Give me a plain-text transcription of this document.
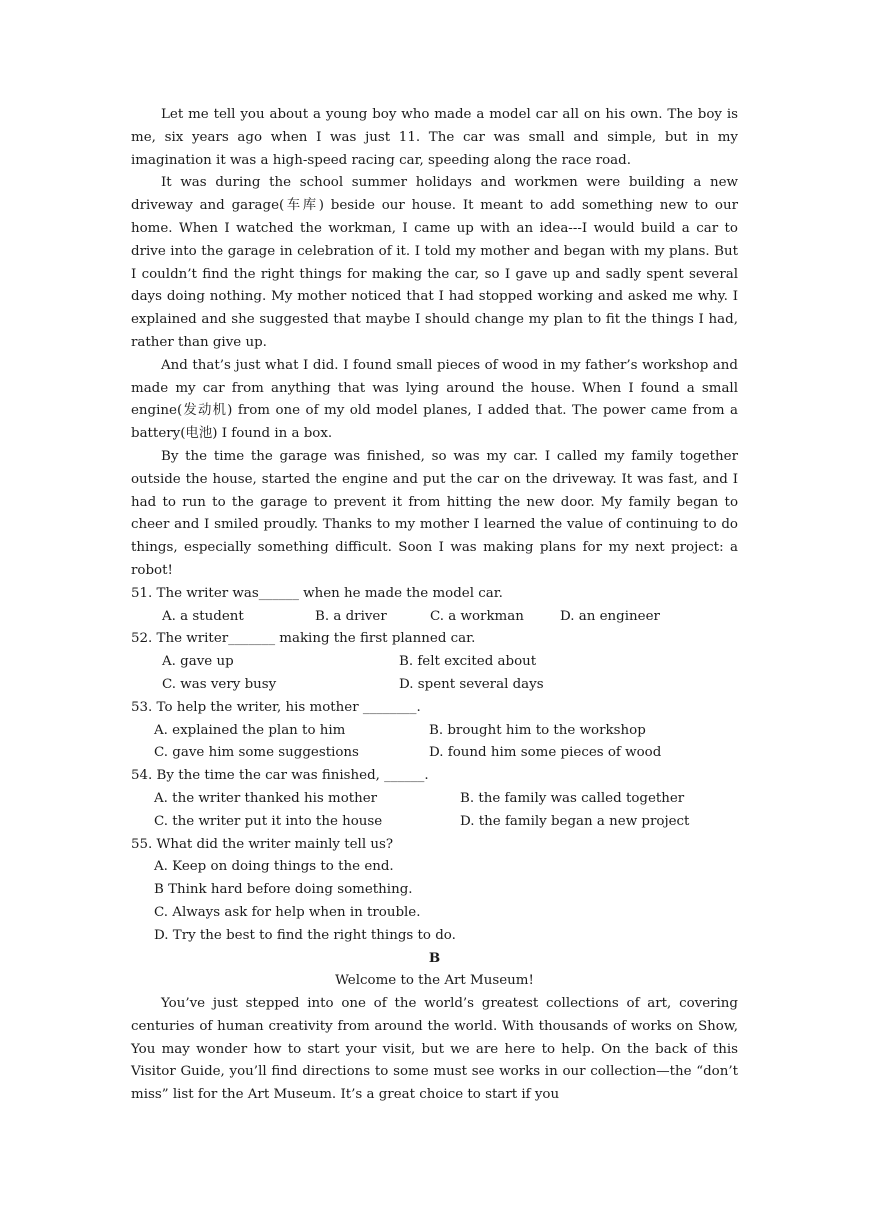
Let me tell you about a young boy who made a model car all on his own. The boy is me, six years ago when I was just 11. The car was small and simple, but in my imagination it was a high-speed racing car, speeding along the race road.

It was during the school summer holidays and workmen were building a new driveway and garage(车库) beside our house. It meant to add something new to our home. When I watched the workman, I came up with an idea---I would build a car to drive into the garage in celebration of it. I told my mother and began with my plans. But I couldn’t find the right things for making the car, so I gave up and sadly spent several days doing nothing. My mother noticed that I had stopped working and asked me why. I explained and she suggested that maybe I should change my plan to fit the things I had, rather than give up.

And that’s just what I did. I found small pieces of wood in my father’s workshop and made my car from anything that was lying around the house. When I found a small engine(发动机) from one of my old model planes, I added that. The power came from a battery(电池) I found in a box.

By the time the garage was finished, so was my car. I called my family together outside the house, started the engine and put the car on the driveway. It was fast, and I had to run to the garage to prevent it from hitting the new door. My family began to cheer and I smiled proudly. Thanks to my mother I learned the value of continuing to do things, especially something difficult. Soon I was making plans for my next project: a robot!

51. The writer was______ when he made the model car.

A. a student	B. a driver	C. a workman	D. an engineer

52. The writer_______ making the first planned car.

A. gave up	B. felt excited about
C. was very busy	D. spent several days

53. To help the writer, his mother ________.

A. explained the plan to him	B. brought him to the workshop
C. gave him some suggestions	D. found him some pieces of wood

54. By the time the car was finished, ______.

A. the writer thanked his mother	B. the family was called together
C. the writer put it into the house	D. the family began a new project

55. What did the writer mainly tell us?

A. Keep on doing things to the end.

B Think hard before doing something.

C. Always ask for help when in trouble.

D. Try the best to find the right things to do.

B

Welcome to the Art Museum!

You’ve just stepped into one of the world’s greatest collections of art, covering centuries of human creativity from around the world. With thousands of works on Show, You may wonder how to start your visit, but we are here to help. On the back of this Visitor Guide, you’ll find directions to some must see works in our collection—the “don’t miss” list for the Art Museum. It’s a great choice to start if you
